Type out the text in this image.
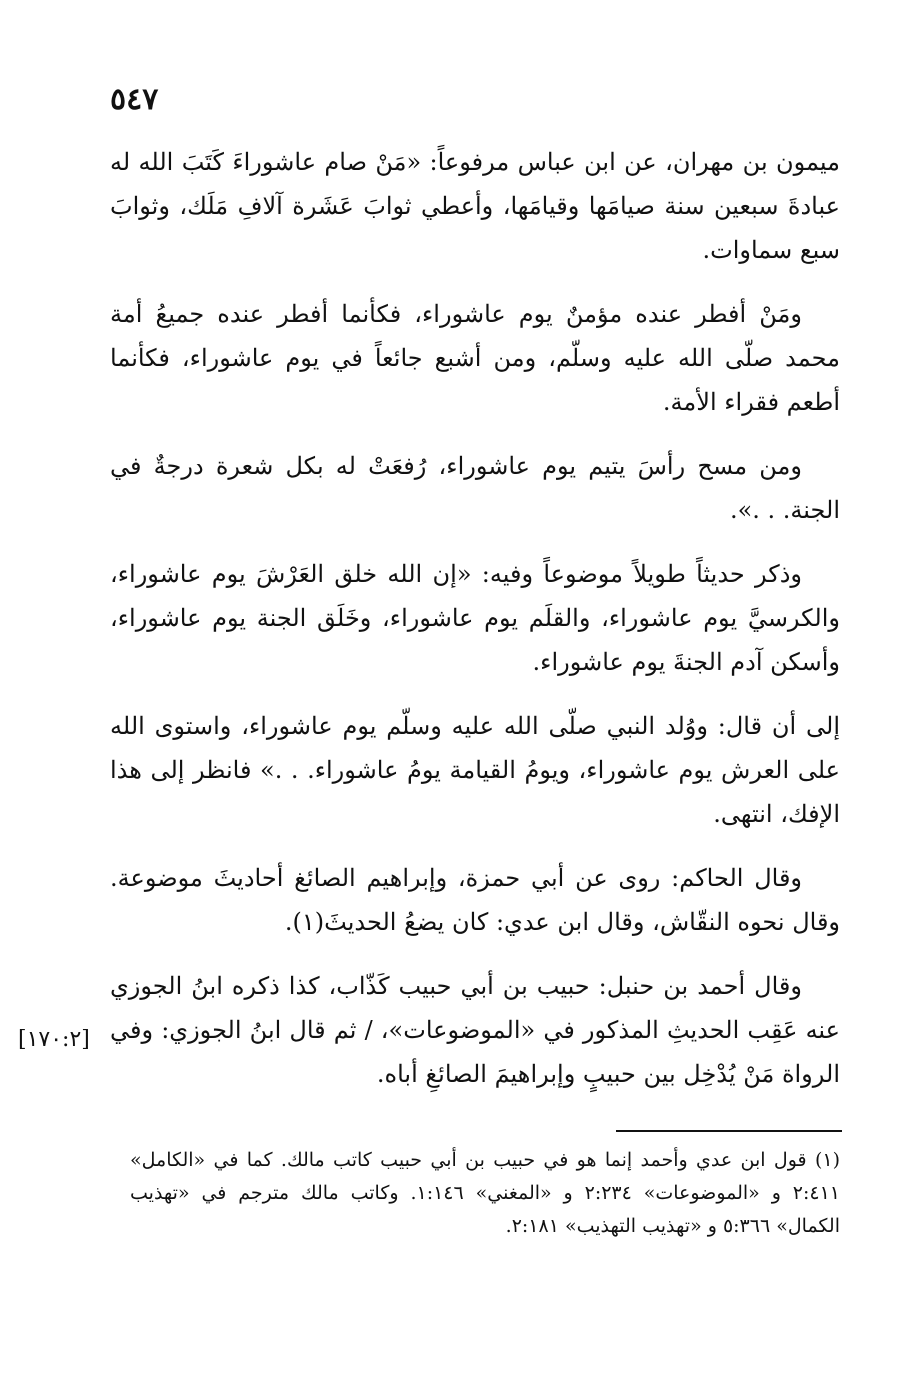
٥٤٧

ميمون بن مهران، عن ابن عباس مرفوعاً: «مَنْ صام عاشوراءَ كَتَبَ الله له عبادةَ سبعين سنة صيامَها وقيامَها، وأعطي ثوابَ عَشَرة آلافِ مَلَك، وثوابَ سبع سماوات.

ومَنْ أفطر عنده مؤمنٌ يوم عاشوراء، فكأنما أفطر عنده جميعُ أمة محمد صلّى الله عليه وسلّم، ومن أشبع جائعاً في يوم عاشوراء، فكأنما أطعم فقراء الأمة.

ومن مسح رأسَ يتيم يوم عاشوراء، رُفعَتْ له بكل شعرة درجةٌ في الجنة. . .».

وذكر حديثاً طويلاً موضوعاً وفيه: «إن الله خلق العَرْشَ يوم عاشوراء، والكرسيَّ يوم عاشوراء، والقلَم يوم عاشوراء، وخَلَق الجنة يوم عاشوراء، وأسكن آدم الجنةَ يوم عاشوراء.

إلى أن قال: ووُلد النبي صلّى الله عليه وسلّم يوم عاشوراء، واستوى الله على العرش يوم عاشوراء، ويومُ القيامة يومُ عاشوراء. . .» فانظر إلى هذا الإفك، انتهى.

وقال الحاكم: روى عن أبي حمزة، وإبراهيم الصائغ أحاديثَ موضوعة. وقال نحوه النقّاش، وقال ابن عدي: كان يضعُ الحديثَ(١).

وقال أحمد بن حنبل: حبيب بن أبي حبيب كَذّاب، كذا ذكره ابنُ الجوزي عنه عَقِب الحديثِ المذكور في «الموضوعات»، / ثم قال ابنُ الجوزي: وفي الرواة مَنْ يُدْخِل بين حبيبٍ وإبراهيمَ الصائغِ أباه.

[١٧٠:٢]

(١) قول ابن عدي وأحمد إنما هو في حبيب بن أبي حبيب كاتب مالك. كما في «الكامل» ٢:٤١١ و «الموضوعات» ٢:٢٣٤ و «المغني» ١:١٤٦. وكاتب مالك مترجم في «تهذيب الكمال» ٥:٣٦٦ و «تهذيب التهذيب» ٢:١٨١.
